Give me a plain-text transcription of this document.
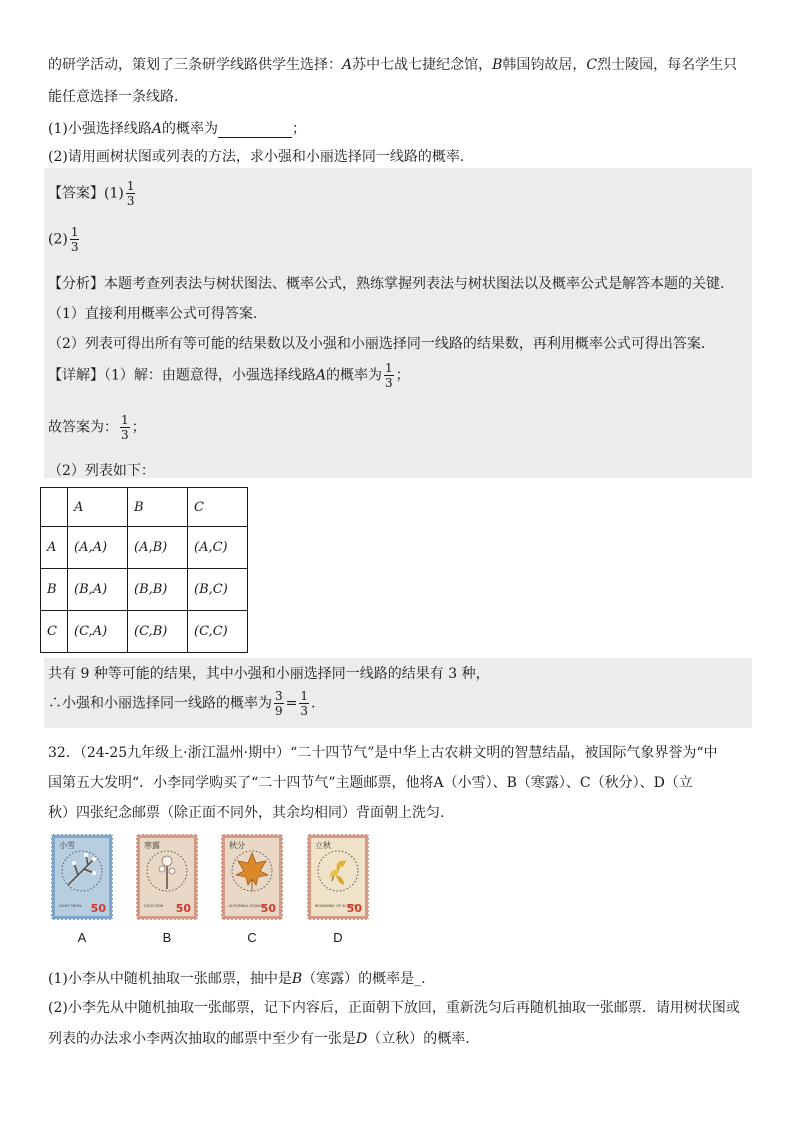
的研学活动，策划了三条研学线路供学生选择：A苏中七战七捷纪念馆，B韩国钧故居，C烈士陵园，每名学生只
能任意选择一条线路.
(1)小强选择线路A的概率为	；
(2)请用画树状图或列表的方法，求小强和小丽选择同一线路的概率.
【答案】$(1) \frac{1}{3}$
$(2) \frac{1}{3}$
【分析】本题考查列表法与树状图法、概率公式，熟练掌握列表法与树状图法以及概率公式是解答本题的关键.
（1）直接利用概率公式可得答案.
（2）列表可得出所有等可能的结果数以及小强和小丽选择同一线路的结果数，再利用概率公式可得出答案.
【详解】（1）解：由题意得，小强选择线路A的概率为 $\frac{1}{3}$ ；
故答案为： $\frac{1}{3}$ ；
（2）列表如下：
	A	B	C
A	(A,A)	(A,B)	(A,C)
B	(B,A)	(B,B)	(B,C)
C	(C,A)	(C,B)	(C,C)
共有 9 种等可能的结果，其中小强和小丽选择同一线路的结果有 3 种，
∴小强和小丽选择同一线路的概率为 $\frac{3}{9} = \frac{1}{3}$ .
32．（24-25九年级上·浙江温州·期中）“二十四节气”是中华上古农耕文明的智慧结晶，被国际气象界誉为“中
国第五大发明“．小李同学购买了“二十四节气”主题邮票，他将A（小雪）、B（寒露）、C（秋分）、D（立
秋）四张纪念邮票（除正面不同外，其余均相同）背面朝上洗匀.
小雪
LIGHT SNOW 50
A
寒露
COLD DEW 50
B
秋分
AUTUMNAL EQUINOX
50
C
立秋
BEGINNING OF AUTUMN
50
D
(1)小李从中随机抽取一张邮票，抽中是B（寒露）的概率是_.
(2)小李先从中随机抽取一张邮票，记下内容后，正面朝下放回，重新洗匀后再随机抽取一张邮票．请用树状图或
列表的办法求小李两次抽取的邮票中至少有一张是D（立秋）的概率.
